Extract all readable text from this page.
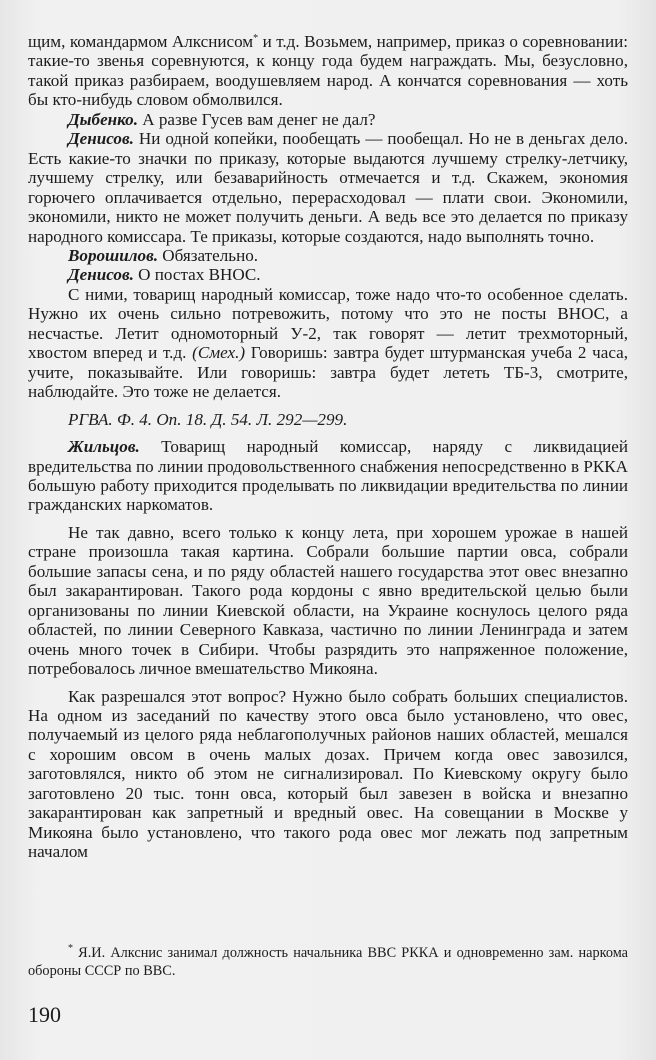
щим, командармом Алкснисом* и т.д. Возьмем, например, приказ о соревновании: такие-то звенья соревнуются, к концу года будем награждать. Мы, безусловно, такой приказ разбираем, воодушевляем народ. А кончатся соревнования — хоть бы кто-нибудь словом обмолвился.

Дыбенко. А разве Гусев вам денег не дал?

Денисов. Ни одной копейки, пообещать — пообещал. Но не в деньгах дело. Есть какие-то значки по приказу, которые выдаются лучшему стрелку-летчику, лучшему стрелку, или безаварийность отмечается и т.д. Скажем, экономия горючего оплачивается отдельно, перерасходовал — плати свои. Экономили, экономили, никто не может получить деньги. А ведь все это делается по приказу народного комиссара. Те приказы, которые создаются, надо выполнять точно.

Ворошилов. Обязательно.

Денисов. О постах ВНОС.

С ними, товарищ народный комиссар, тоже надо что-то особенное сделать. Нужно их очень сильно потревожить, потому что это не посты ВНОС, а несчастье. Летит одномоторный У-2, так говорят — летит трехмоторный, хвостом вперед и т.д. (Смех.) Говоришь: завтра будет штурманская учеба 2 часа, учите, показывайте. Или говоришь: завтра будет лететь ТБ-3, смотрите, наблюдайте. Это тоже не делается.

РГВА. Ф. 4. Оп. 18. Д. 54. Л. 292—299.

Жильцов. Товарищ народный комиссар, наряду с ликвидацией вредительства по линии продовольственного снабжения непосредственно в РККА большую работу приходится проделывать по ликвидации вредительства по линии гражданских наркоматов.

Не так давно, всего только к концу лета, при хорошем урожае в нашей стране произошла такая картина. Собрали большие партии овса, собрали большие запасы сена, и по ряду областей нашего государства этот овес внезапно был закарантирован. Такого рода кордоны с явно вредительской целью были организованы по линии Киевской области, на Украине коснулось целого ряда областей, по линии Северного Кавказа, частично по линии Ленинграда и затем очень много точек в Сибири. Чтобы разрядить это напряженное положение, потребовалось личное вмешательство Микояна.

Как разрешался этот вопрос? Нужно было собрать больших специалистов. На одном из заседаний по качеству этого овса было установлено, что овес, получаемый из целого ряда неблагополучных районов наших областей, мешался с хорошим овсом в очень малых дозах. Причем когда овес завозился, заготовлялся, никто об этом не сигнализировал. По Киевскому округу было заготовлено 20 тыс. тонн овса, который был завезен в войска и внезапно закарантирован как запретный и вредный овес. На совещании в Москве у Микояна было установлено, что такого рода овес мог лежать под запретным началом

* Я.И. Алкснис занимал должность начальника ВВС РККА и одновременно зам. наркома обороны СССР по ВВС.

190
